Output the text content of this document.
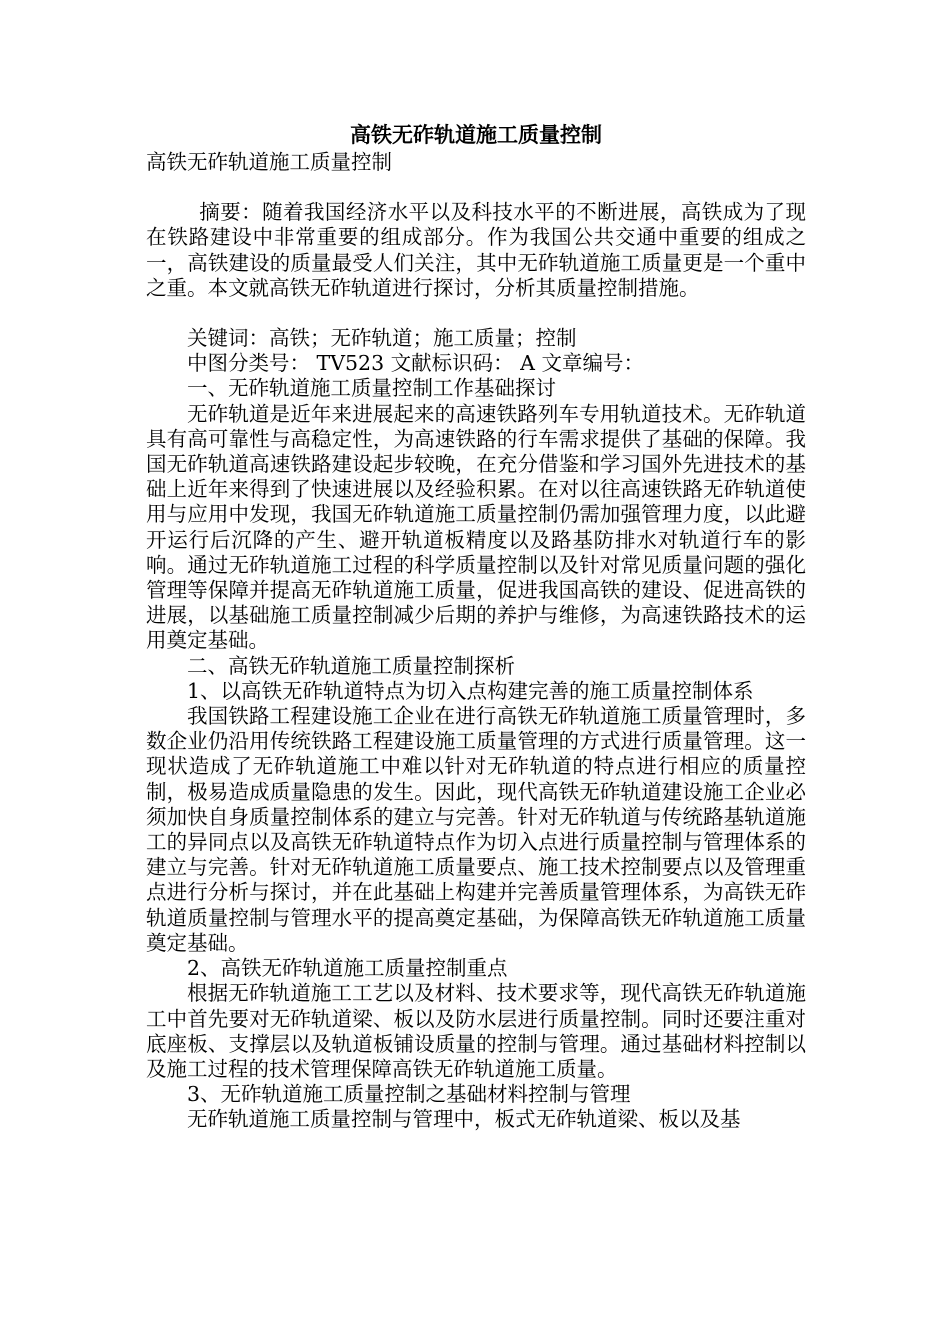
高铁无砟轨道施工质量控制
高铁无砟轨道施工质量控制

摘要：随着我国经济水平以及科技水平的不断进展，高铁成为了现在铁路建设中非常重要的组成部分。作为我国公共交通中重要的组成之一，高铁建设的质量最受人们关注，其中无砟轨道施工质量更是一个重中之重。本文就高铁无砟轨道进行探讨，分析其质量控制措施。

关键词：高铁；无砟轨道；施工质量；控制

中图分类号： TV523 文献标识码： A 文章编号：

一、无砟轨道施工质量控制工作基础探讨

无砟轨道是近年来进展起来的高速铁路列车专用轨道技术。无砟轨道具有高可靠性与高稳定性，为高速铁路的行车需求提供了基础的保障。我国无砟轨道高速铁路建设起步较晚，在充分借鉴和学习国外先进技术的基础上近年来得到了快速进展以及经验积累。在对以往高速铁路无砟轨道使用与应用中发现，我国无砟轨道施工质量控制仍需加强管理力度，以此避开运行后沉降的产生、避开轨道板精度以及路基防排水对轨道行车的影响。通过无砟轨道施工过程的科学质量控制以及针对常见质量问题的强化管理等保障并提高无砟轨道施工质量，促进我国高铁的建设、促进高铁的进展，以基础施工质量控制减少后期的养护与维修，为高速铁路技术的运用奠定基础。

二、高铁无砟轨道施工质量控制探析

1、以高铁无砟轨道特点为切入点构建完善的施工质量控制体系

我国铁路工程建设施工企业在进行高铁无砟轨道施工质量管理时，多数企业仍沿用传统铁路工程建设施工质量管理的方式进行质量管理。这一现状造成了无砟轨道施工中难以针对无砟轨道的特点进行相应的质量控制，极易造成质量隐患的发生。因此，现代高铁无砟轨道建设施工企业必须加快自身质量控制体系的建立与完善。针对无砟轨道与传统路基轨道施工的异同点以及高铁无砟轨道特点作为切入点进行质量控制与管理体系的建立与完善。针对无砟轨道施工质量要点、施工技术控制要点以及管理重点进行分析与探讨，并在此基础上构建并完善质量管理体系，为高铁无砟轨道质量控制与管理水平的提高奠定基础，为保障高铁无砟轨道施工质量奠定基础。

2、高铁无砟轨道施工质量控制重点

根据无砟轨道施工工艺以及材料、技术要求等，现代高铁无砟轨道施工中首先要对无砟轨道梁、板以及防水层进行质量控制。同时还要注重对底座板、支撑层以及轨道板铺设质量的控制与管理。通过基础材料控制以及施工过程的技术管理保障高铁无砟轨道施工质量。

3、无砟轨道施工质量控制之基础材料控制与管理

无砟轨道施工质量控制与管理中，板式无砟轨道梁、板以及基
